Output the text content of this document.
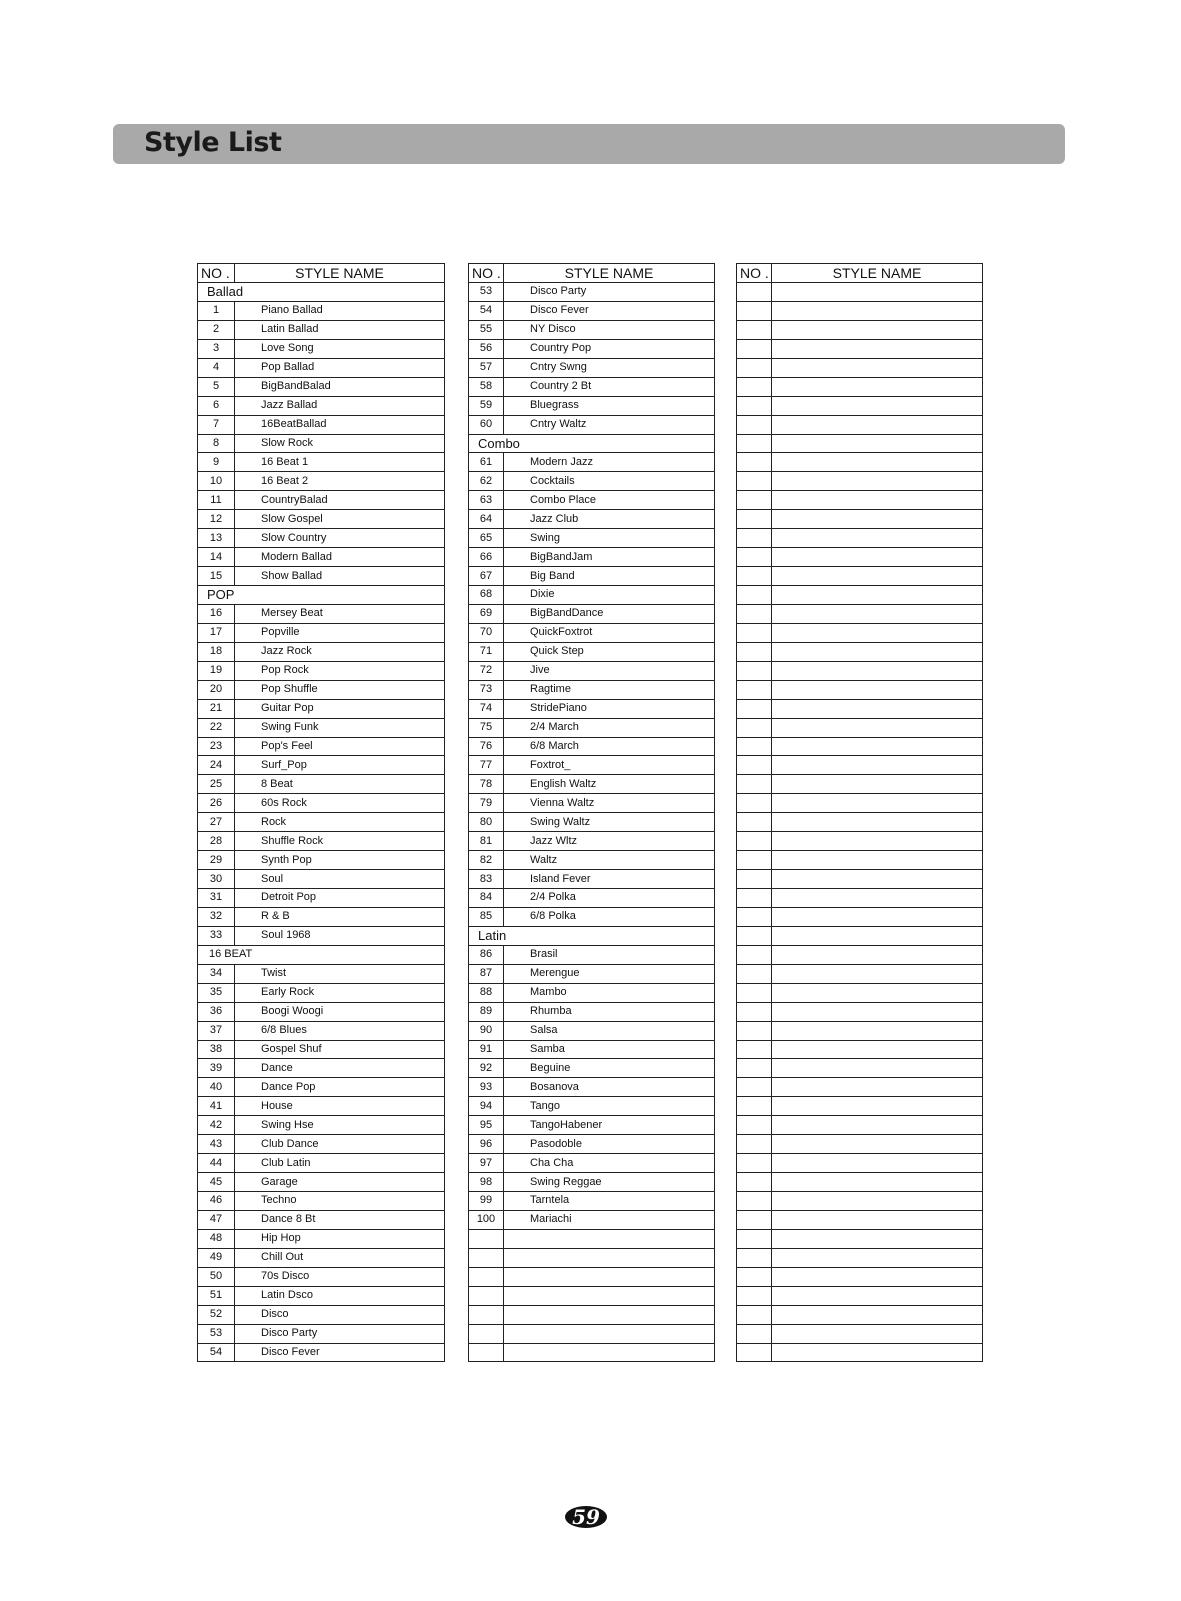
Style List
NO .	STYLE NAME
Ballad	
1	Piano Ballad
2	Latin Ballad
3	Love Song
4	Pop Ballad
5	BigBandBalad
6	Jazz Ballad
7	16BeatBallad
8	Slow Rock
9	16 Beat 1
10	16 Beat 2
11	CountryBalad
12	Slow Gospel
13	Slow Country
14	Modern Ballad
15	Show Ballad
POP	
16	Mersey Beat
17	Popville
18	Jazz Rock
19	Pop Rock
20	Pop Shuffle
21	Guitar Pop
22	Swing Funk
23	Pop's Feel
24	Surf_Pop
25	8 Beat
26	60s Rock
27	Rock
28	Shuffle Rock
29	Synth Pop
30	Soul
31	Detroit Pop
32	R & B
33	Soul 1968
16 BEAT	
34	Twist
35	Early Rock
36	Boogi Woogi
37	6/8 Blues
38	Gospel Shuf
39	Dance
40	Dance Pop
41	House
42	Swing Hse
43	Club Dance
44	Club Latin
45	Garage
46	Techno
47	Dance 8 Bt
48	Hip Hop
49	Chill Out
50	70s Disco
51	Latin Dsco
52	Disco
53	Disco Party
54	Disco Fever
NO .	STYLE NAME
53	Disco Party
54	Disco Fever
55	NY Disco
56	Country Pop
57	Cntry Swng
58	Country 2 Bt
59	Bluegrass
60	Cntry Waltz
Combo	
61	Modern Jazz
62	Cocktails
63	Combo Place
64	Jazz Club
65	Swing
66	BigBandJam
67	Big Band
68	Dixie
69	BigBandDance
70	QuickFoxtrot
71	Quick Step
72	Jive
73	Ragtime
74	StridePiano
75	2/4 March
76	6/8 March
77	Foxtrot_
78	English Waltz
79	Vienna Waltz
80	Swing Waltz
81	Jazz Wltz
82	Waltz
83	Island Fever
84	2/4 Polka
85	6/8 Polka
Latin	
86	Brasil
87	Merengue
88	Mambo
89	Rhumba
90	Salsa
91	Samba
92	Beguine
93	Bosanova
94	Tango
95	TangoHabener
96	Pasodoble
97	Cha Cha
98	Swing Reggae
99	Tarntela
100	Mariachi

NO .	STYLE NAME

59
